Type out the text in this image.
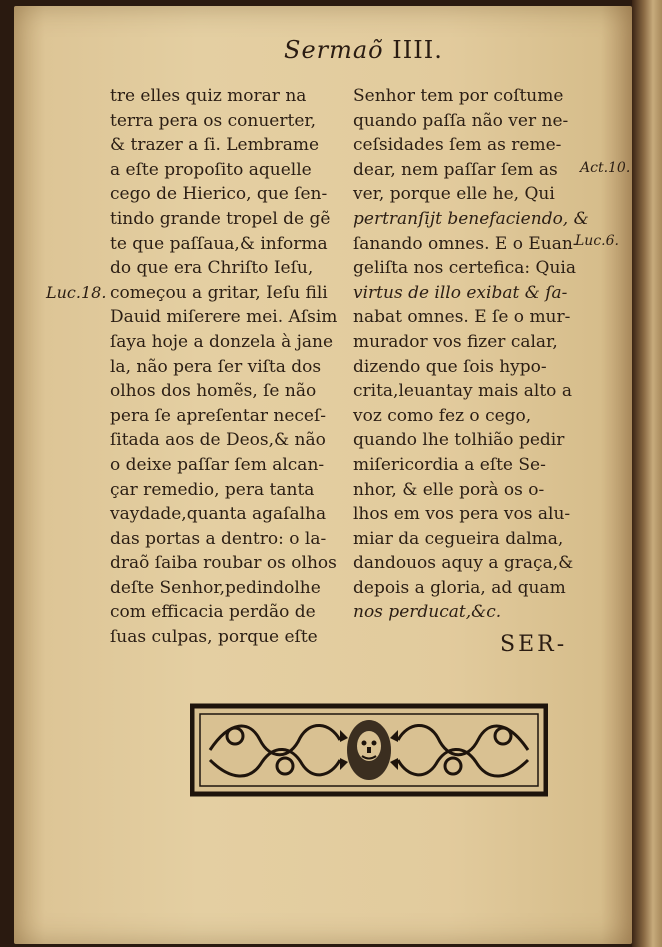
Sermaõ IIII.
tre elles quiz morar na
terra pera os conuerter,
& trazer a ſi. Lembrame
a eſte propoſito aquelle
cego de Hierico, que ſen-
tindo grande tropel de gẽ
te que paſſaua,& informa
do que era Chriſto Ieſu,
começou a gritar, Ieſu fili
Dauid miſerere mei. Aſsim
ſaya hoje a donzela à jane
la, não pera ſer viſta dos
olhos dos homẽs, ſe não
pera ſe apreſentar neceſ-
ſitada aos de Deos,& não
o deixe paſſar ſem alcan-
çar remedio, pera tanta
vaydade,quanta agaſalha
das portas a dentro: o la-
draõ ſaiba roubar os olhos
deſte Senhor,pedindolhe
com efficacia perdão de
ſuas culpas, porque eſte
Senhor tem por coſtume
quando paſſa não ver ne-
ceſsidades ſem as reme-
dear, nem paſſar ſem as
ver, porque elle he, Qui
pertranſijt benefaciendo, &
ſanando omnes. E o Euan-
geliſta nos certefica: Quia
virtus de illo exibat & ſa-
nabat omnes. E ſe o mur-
murador vos fizer calar,
dizendo que ſois hypo-
crita,leuantay mais alto a
voz como fez o cego,
quando lhe tolhião pedir
miſericordia a eſte Se-
nhor, & elle porà os o-
lhos em vos pera vos alu-
miar da cegueira dalma,
dandouos aquy a graça,&
depois a gloria, ad quam
nos perducat,&c.
Luc.18.
Act.10.
Luc.6.
SER-
